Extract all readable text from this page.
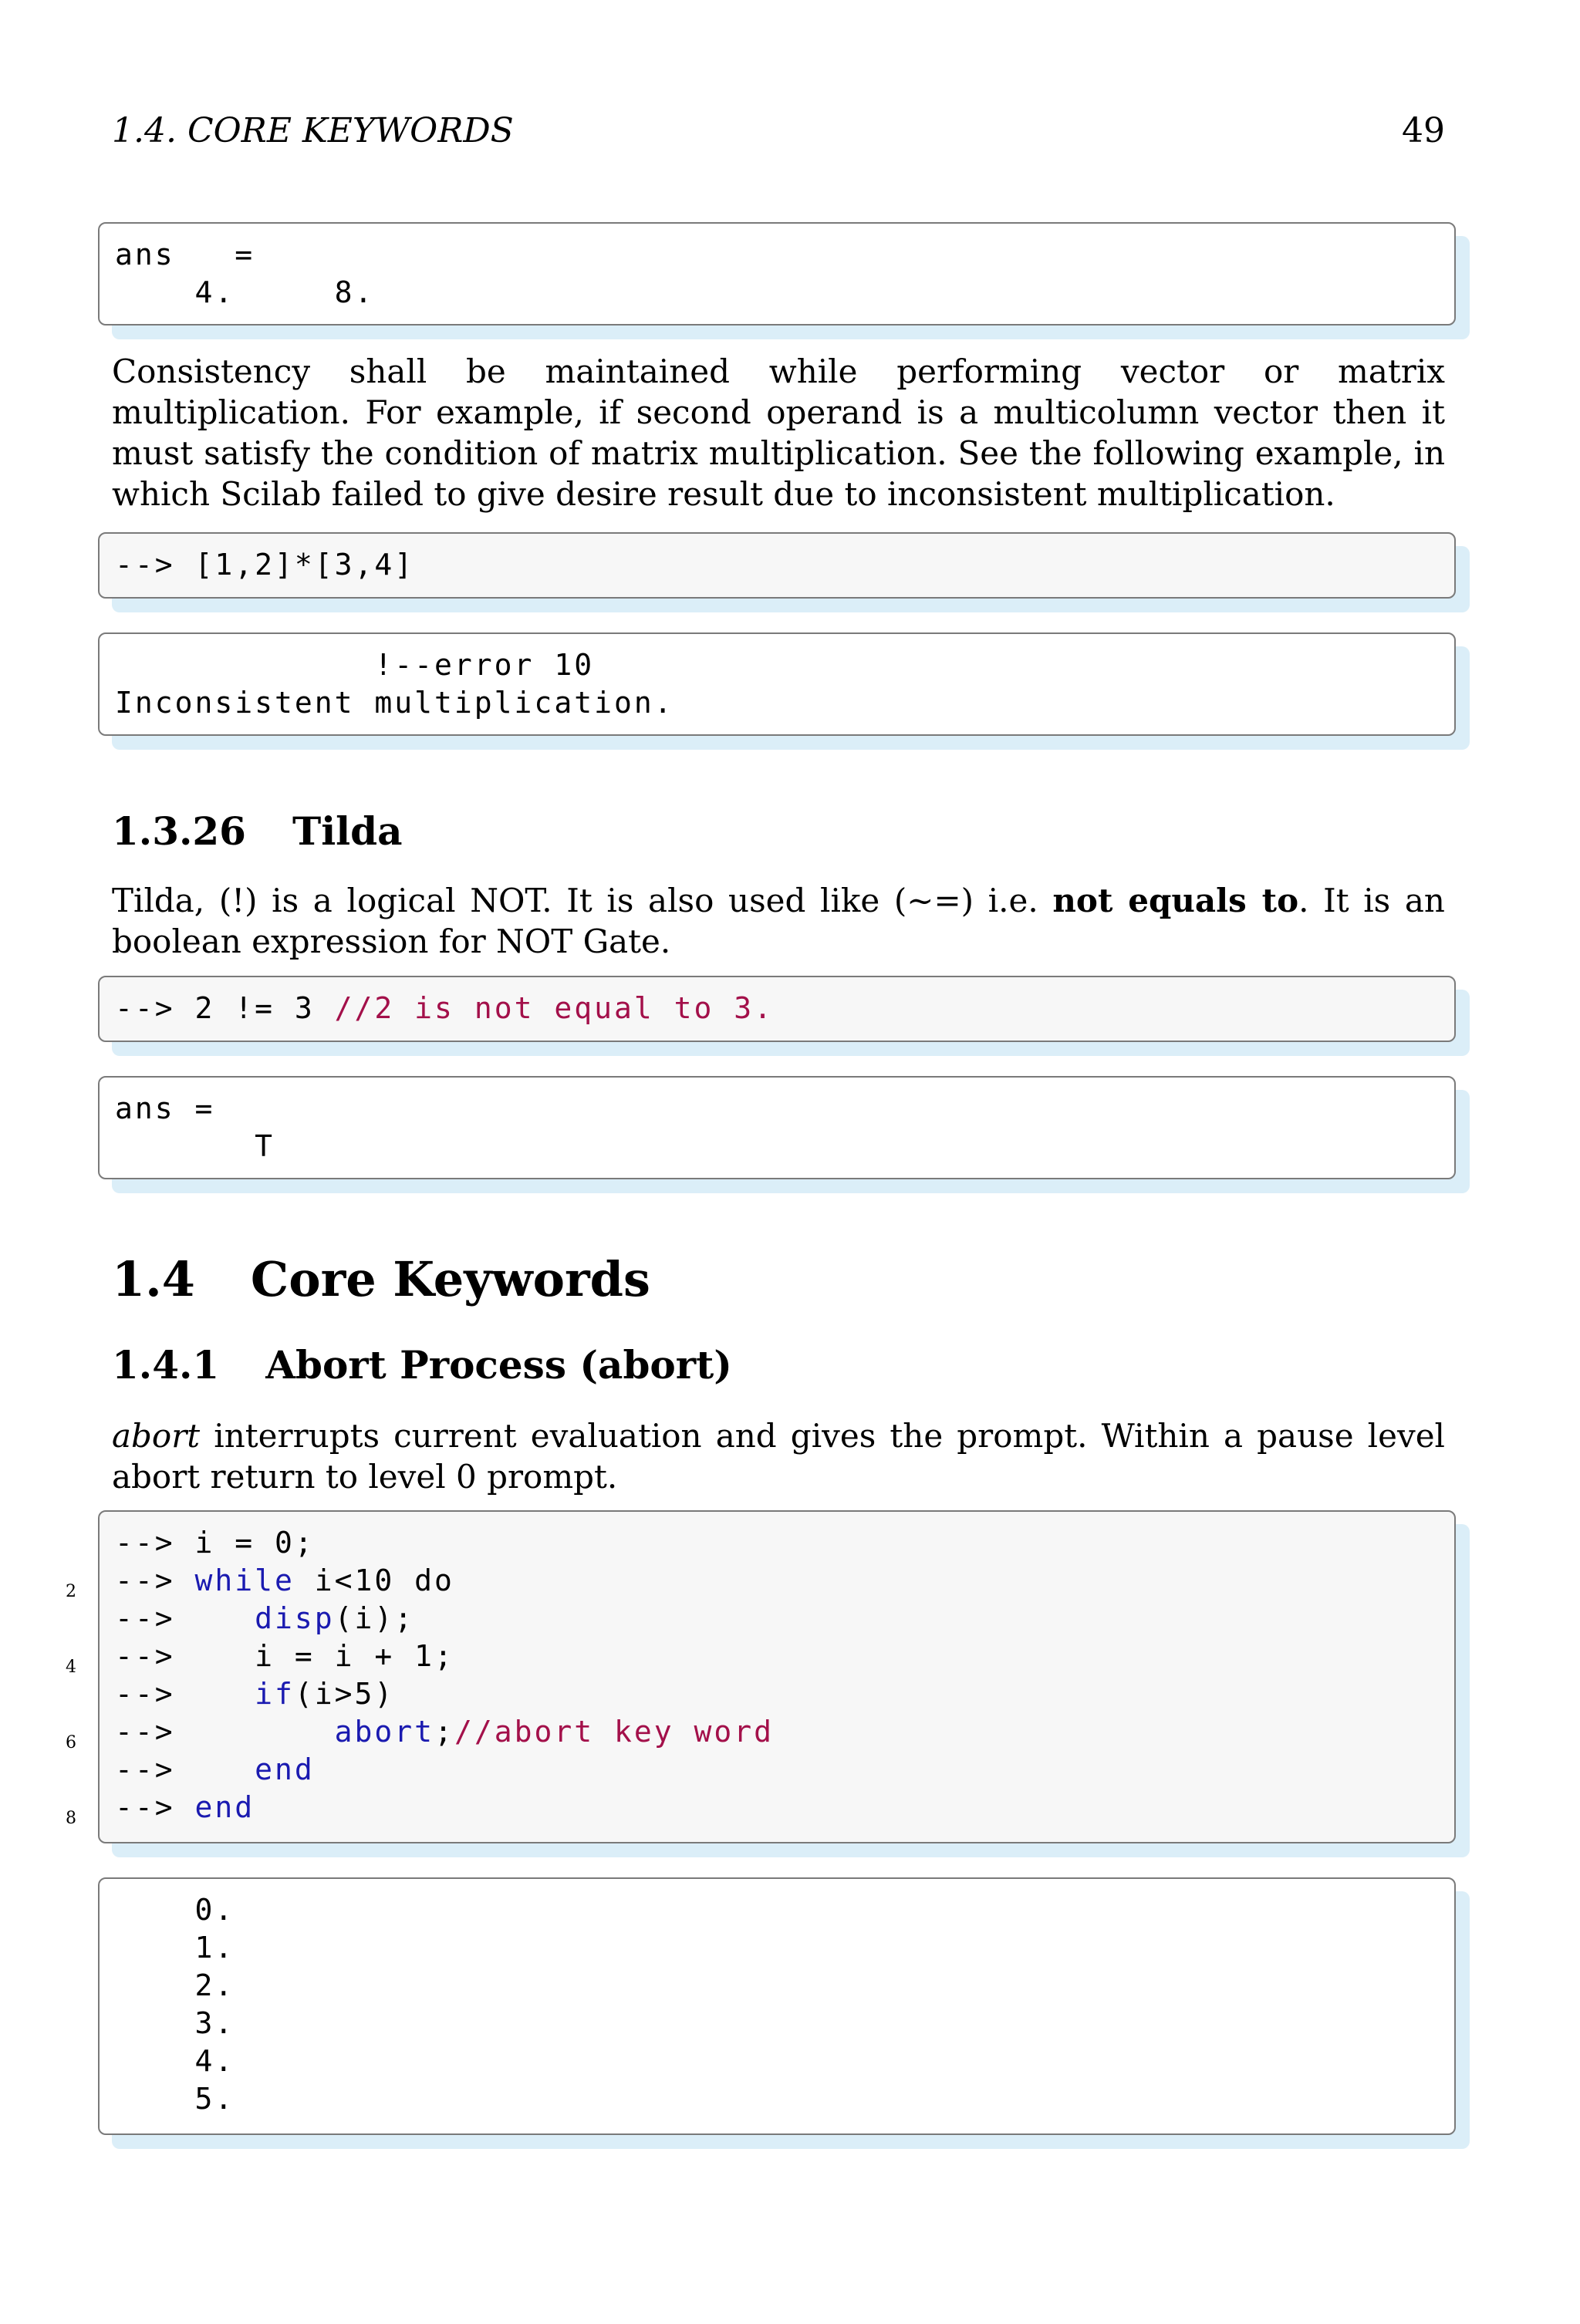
1.4. CORE KEYWORDS	49
ans   =
4.     8.

Consistency shall be maintained while performing vector or matrix multiplication. For example, if second operand is a multicolumn vector then it must satisfy the condition of matrix multiplication. See the following example, in which Scilab failed to give desire result due to inconsistent multiplication.

--> [1,2]*[3,4]
!--error 10
Inconsistent multiplication.
1.3.26 Tilda

Tilda, (!) is a logical NOT. It is also used like (∼=) i.e. not equals to. It is an boolean expression for NOT Gate.

--> 2 != 3 //2 is not equal to 3.
ans =
T
1.4 Core Keywords
1.4.1 Abort Process (abort)

abort interrupts current evaluation and gives the prompt. Within a pause level abort return to level 0 prompt.

2
4
6
8
--> i = 0;
--> while i<10 do
-->    disp(i);
-->    i = i + 1;
-->    if(i>5)
-->        abort;//abort key word
-->    end
--> end
0.
1.
2.
3.
4.
5.
